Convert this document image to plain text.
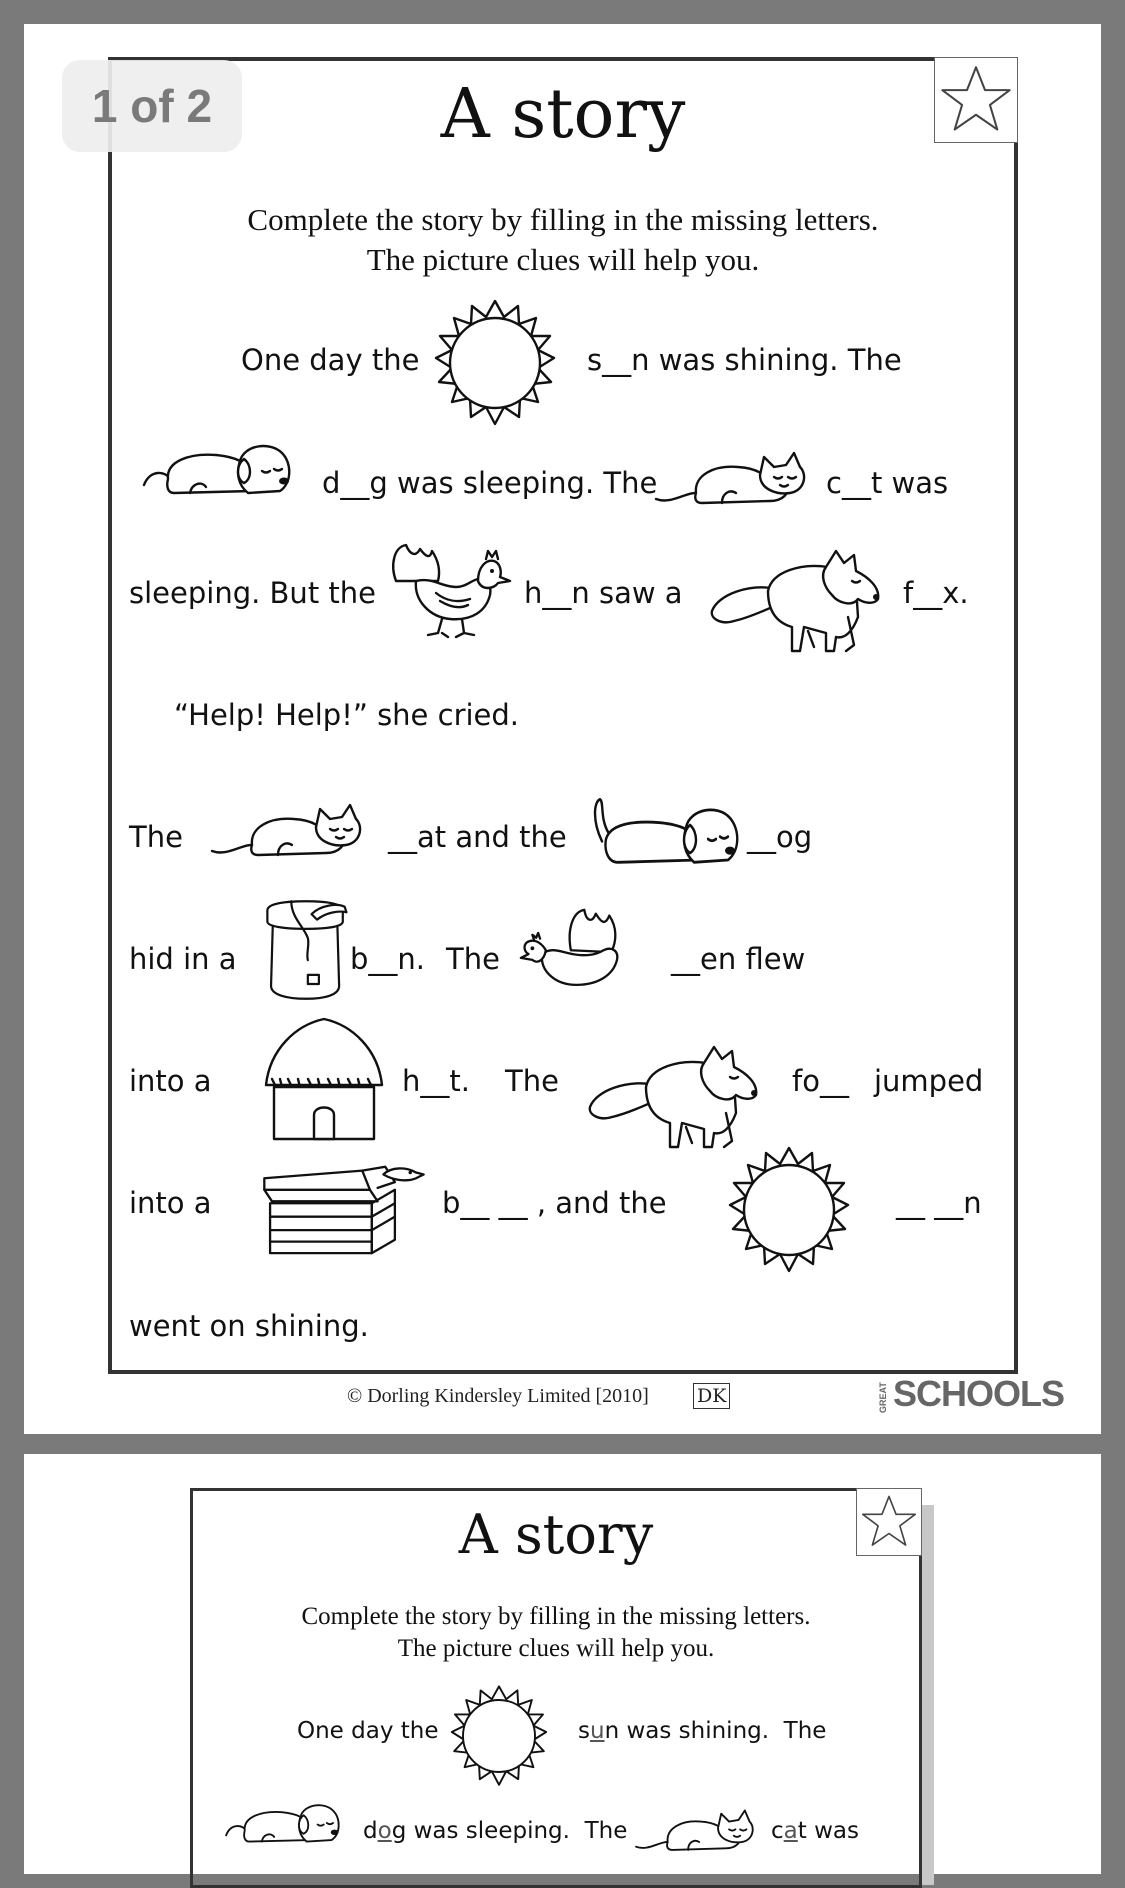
1 of 2	A story
Complete the story by filling in the missing letters.
The picture clues will help you.
One day the	s__n was shining. The
d__g was sleeping. The	c__t was
sleeping. But the	h__n saw a	f__x.
“Help! Help!” she cried.
The	__at and the	__og
hid in a	b__n. The	__en flew
into a	h__t. The	fo__ jumped
into a	b__ __ , and the	__ __n
went on shining.
© Dorling Kindersley Limited [2010]	DK	GREAT SCHOOLS
A story
Complete the story by filling in the missing letters.
The picture clues will help you.
One day the	sun was shining.  The
dog was sleeping.  The	cat was
